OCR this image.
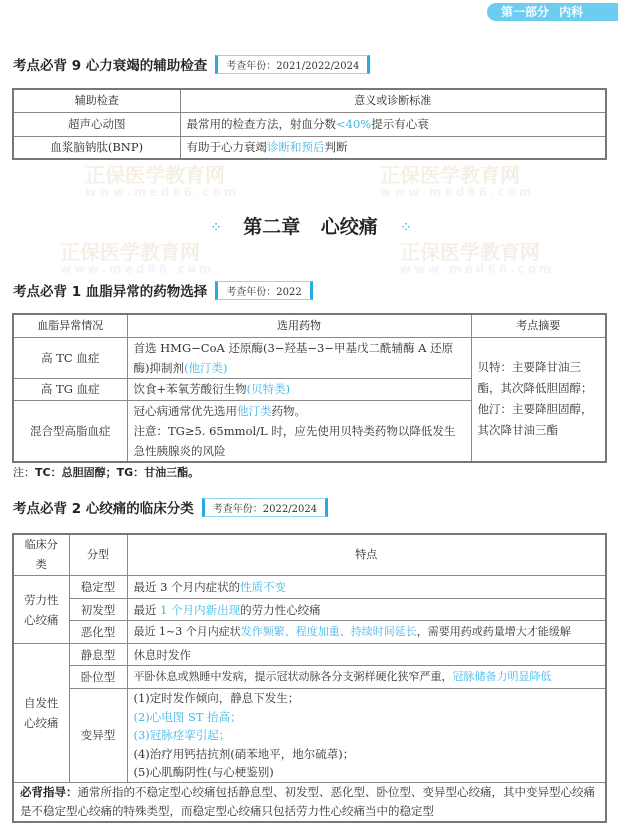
第一部分 内科
正保医学教育网
www.med66.com
正保医学教育网
www.med66.com
正保医学教育网
www.med66.com
正保医学教育网
www.med66.com
考点必背 9 心力衰竭的辅助检查	考查年份：2021/2022/2024
辅助检查	意义或诊断标准
超声心动图	最常用的检查方法，射血分数<40%提示有心衰
血浆脑钠肽(BNP)	有助于心力衰竭诊断和预后判断
⁘ 第二章 心绞痛 ⁘
考点必背 1 血脂异常的药物选择	考查年份：2022
血脂异常情况	选用药物	考点摘要
高 TC 血症	首选 HMG−CoA 还原酶(3−羟基−3−甲基戊二酰辅酶 A 还原酶)抑制剂(他汀类)	贝特：主要降甘油三酯，其次降低胆固醇；
他汀：主要降胆固醇，其次降甘油三酯

高 TG 血症	饮食+苯氧芳酸衍生物(贝特类)	
混合型高脂血症	冠心病通常优先选用他汀类药物。
注意：TG≥5. 65mmol/L 时，应先使用贝特类药物以降低发生急性胰腺炎的风险	
注：TC：总胆固醇；TG：甘油三酯。
考点必背 2 心绞痛的临床分类	考查年份：2022/2024
临床分类	分型	特点
劳力性心绞痛	稳定型	最近 3 个月内症状的性质不变
	初发型	最近 1 个月内新出现的劳力性心绞痛
	恶化型	最近 1~3 个月内症状发作频繁、程度加重、持续时间延长，需要用药或药量增大才能缓解
自发性心绞痛	静息型	休息时发作
	卧位型	平卧休息或熟睡中发病，提示冠状动脉各分支粥样硬化狭窄严重，冠脉储备力明显降低
	变异型	(1)定时发作倾向，静息下发生；
(2)心电图 ST 抬高；
(3)冠脉痉挛引起；
(4)治疗用钙拮抗剂(硝苯地平，地尔硫䓬)；
(5)心肌酶阴性(与心梗鉴别)

必背指导：通常所指的不稳定型心绞痛包括静息型、初发型、恶化型、卧位型、变异型心绞痛，其中变异型心绞痛是不稳定型心绞痛的特殊类型，而稳定型心绞痛只包括劳力性心绞痛当中的稳定型		
